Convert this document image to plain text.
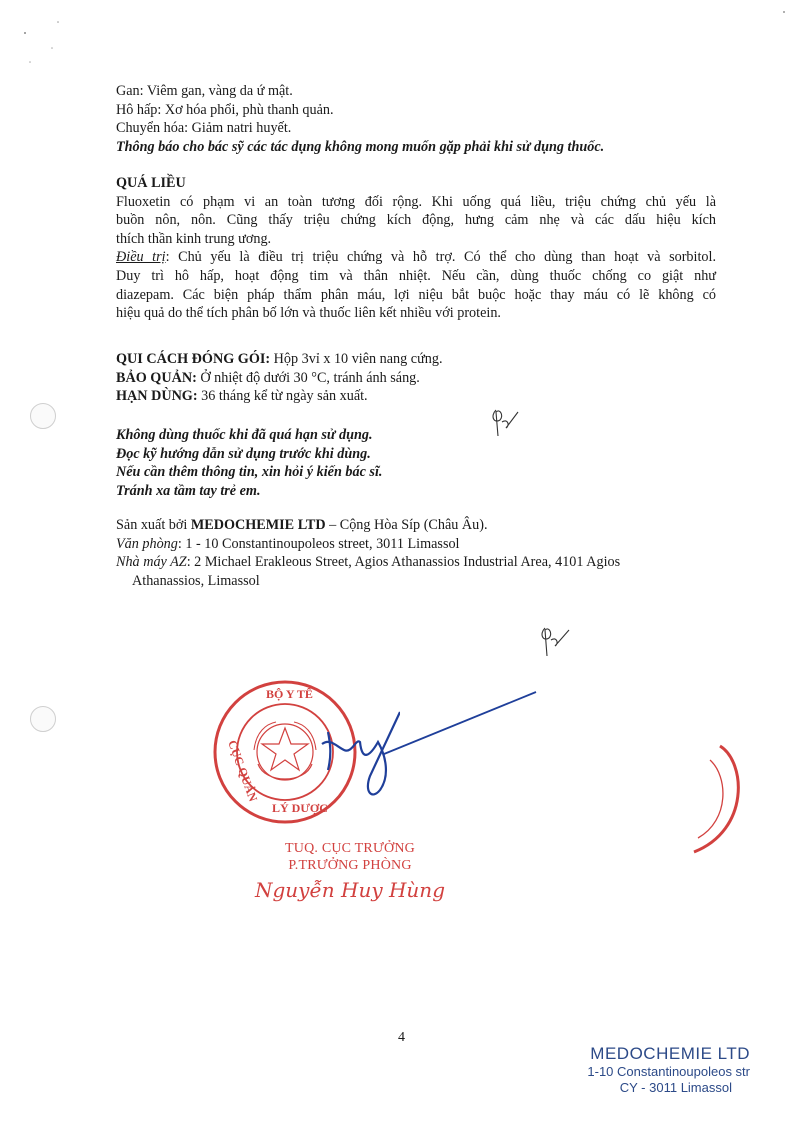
Gan: Viêm gan, vàng da ứ mật.
Hô hấp: Xơ hóa phổi, phù thanh quản.
Chuyển hóa: Giảm natri huyết.
Thông báo cho bác sỹ các tác dụng không mong muốn gặp phải khi sử dụng thuốc.
QUÁ LIỀU
Fluoxetin có phạm vi an toàn tương đối rộng. Khi uống quá liều, triệu chứng chủ yếu là
buồn nôn, nôn. Cũng thấy triệu chứng kích động, hưng cảm nhẹ và các dấu hiệu kích
thích thần kinh trung ương.
Điều trị: Chủ yếu là điều trị triệu chứng và hỗ trợ. Có thể cho dùng than hoạt và sorbitol.
Duy trì hô hấp, hoạt động tim và thân nhiệt. Nếu cần, dùng thuốc chống co giật như
diazepam. Các biện pháp thẩm phân máu, lợi niệu bắt buộc hoặc thay máu có lẽ không có
hiệu quả do thể tích phân bố lớn và thuốc liên kết nhiều với protein.
QUI CÁCH ĐÓNG GÓI: Hộp 3vỉ x 10 viên nang cứng.
BẢO QUẢN: Ở nhiệt độ dưới 30 °C, tránh ánh sáng.
HẠN DÙNG: 36 tháng kể từ ngày sản xuất.
Không dùng thuốc khi đã quá hạn sử dụng.
Đọc kỹ hướng dẫn sử dụng trước khi dùng.
Nếu cần thêm thông tin, xin hỏi ý kiến bác sĩ.
Tránh xa tầm tay trẻ em.
Sản xuất bởi MEDOCHEMIE LTD – Cộng Hòa Síp (Châu Âu).
Văn phòng: 1 - 10 Constantinoupoleos street, 3011 Limassol
Nhà máy AZ: 2 Michael Erakleous Street, Agios Athanassios Industrial Area, 4101 Agios
Athanassios, Limassol
BỘ Y TẾ
CỤC QUẢN
LÝ DƯỢC
TUQ. CỤC TRƯỞNG
P.TRƯỞNG PHÒNG
Nguyễn Huy Hùng
4
MEDOCHEMIE LTD
1-10 Constantinoupoleos str
CY - 3011 Limassol
